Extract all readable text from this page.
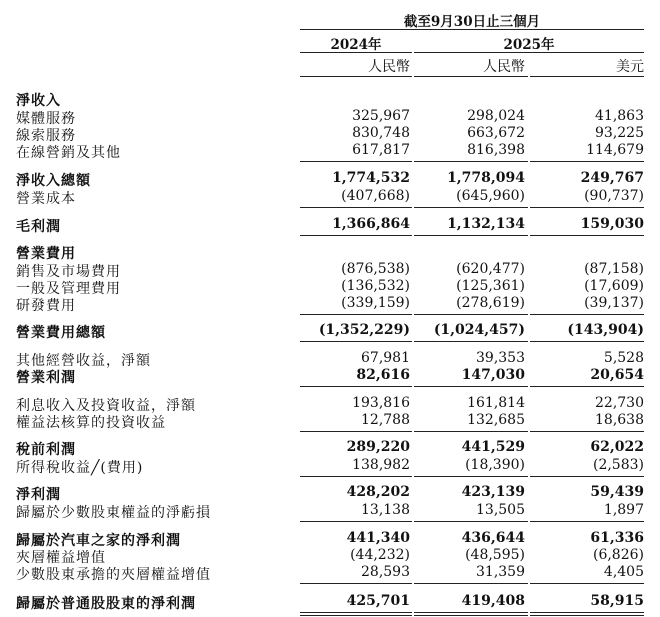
截至9月30日止三個月
2024年	2025年
人民幣	人民幣	美元
淨收入
媒體服務	325,967	298,024	41,863
線索服務	830,748	663,672	93,225
在線營銷及其他	617,817	816,398	114,679
淨收入總額	1,774,532	1,778,094	249,767
營業成本	(407,668)	(645,960)	(90,737)
毛利潤	1,366,864	1,132,134	159,030
營業費用
銷售及市場費用	(876,538)	(620,477)	(87,158)
一般及管理費用	(136,532)	(125,361)	(17,609)
研發費用	(339,159)	(278,619)	(39,137)
營業費用總額	(1,352,229) (1,024,457)	(143,904)
其他經營收益，淨額	67,981	39,353	5,528
營業利潤	82,616	147,030	20,654
利息收入及投資收益，淨額	193,816	161,814	22,730
權益法核算的投資收益	12,788	132,685	18,638
稅前利潤	289,220	441,529	62,022
所得稅收益╱(費用)	138,982	(18,390)	(2,583)
淨利潤	428,202	423,139	59,439
歸屬於少數股東權益的淨虧損	13,138	13,505	1,897
歸屬於汽車之家的淨利潤	441,340	436,644	61,336
夾層權益增值	(44,232)	(48,595)	(6,826)
少數股東承擔的夾層權益增值	28,593	31,359	4,405
歸屬於普通股股東的淨利潤	425,701	419,408	58,915
